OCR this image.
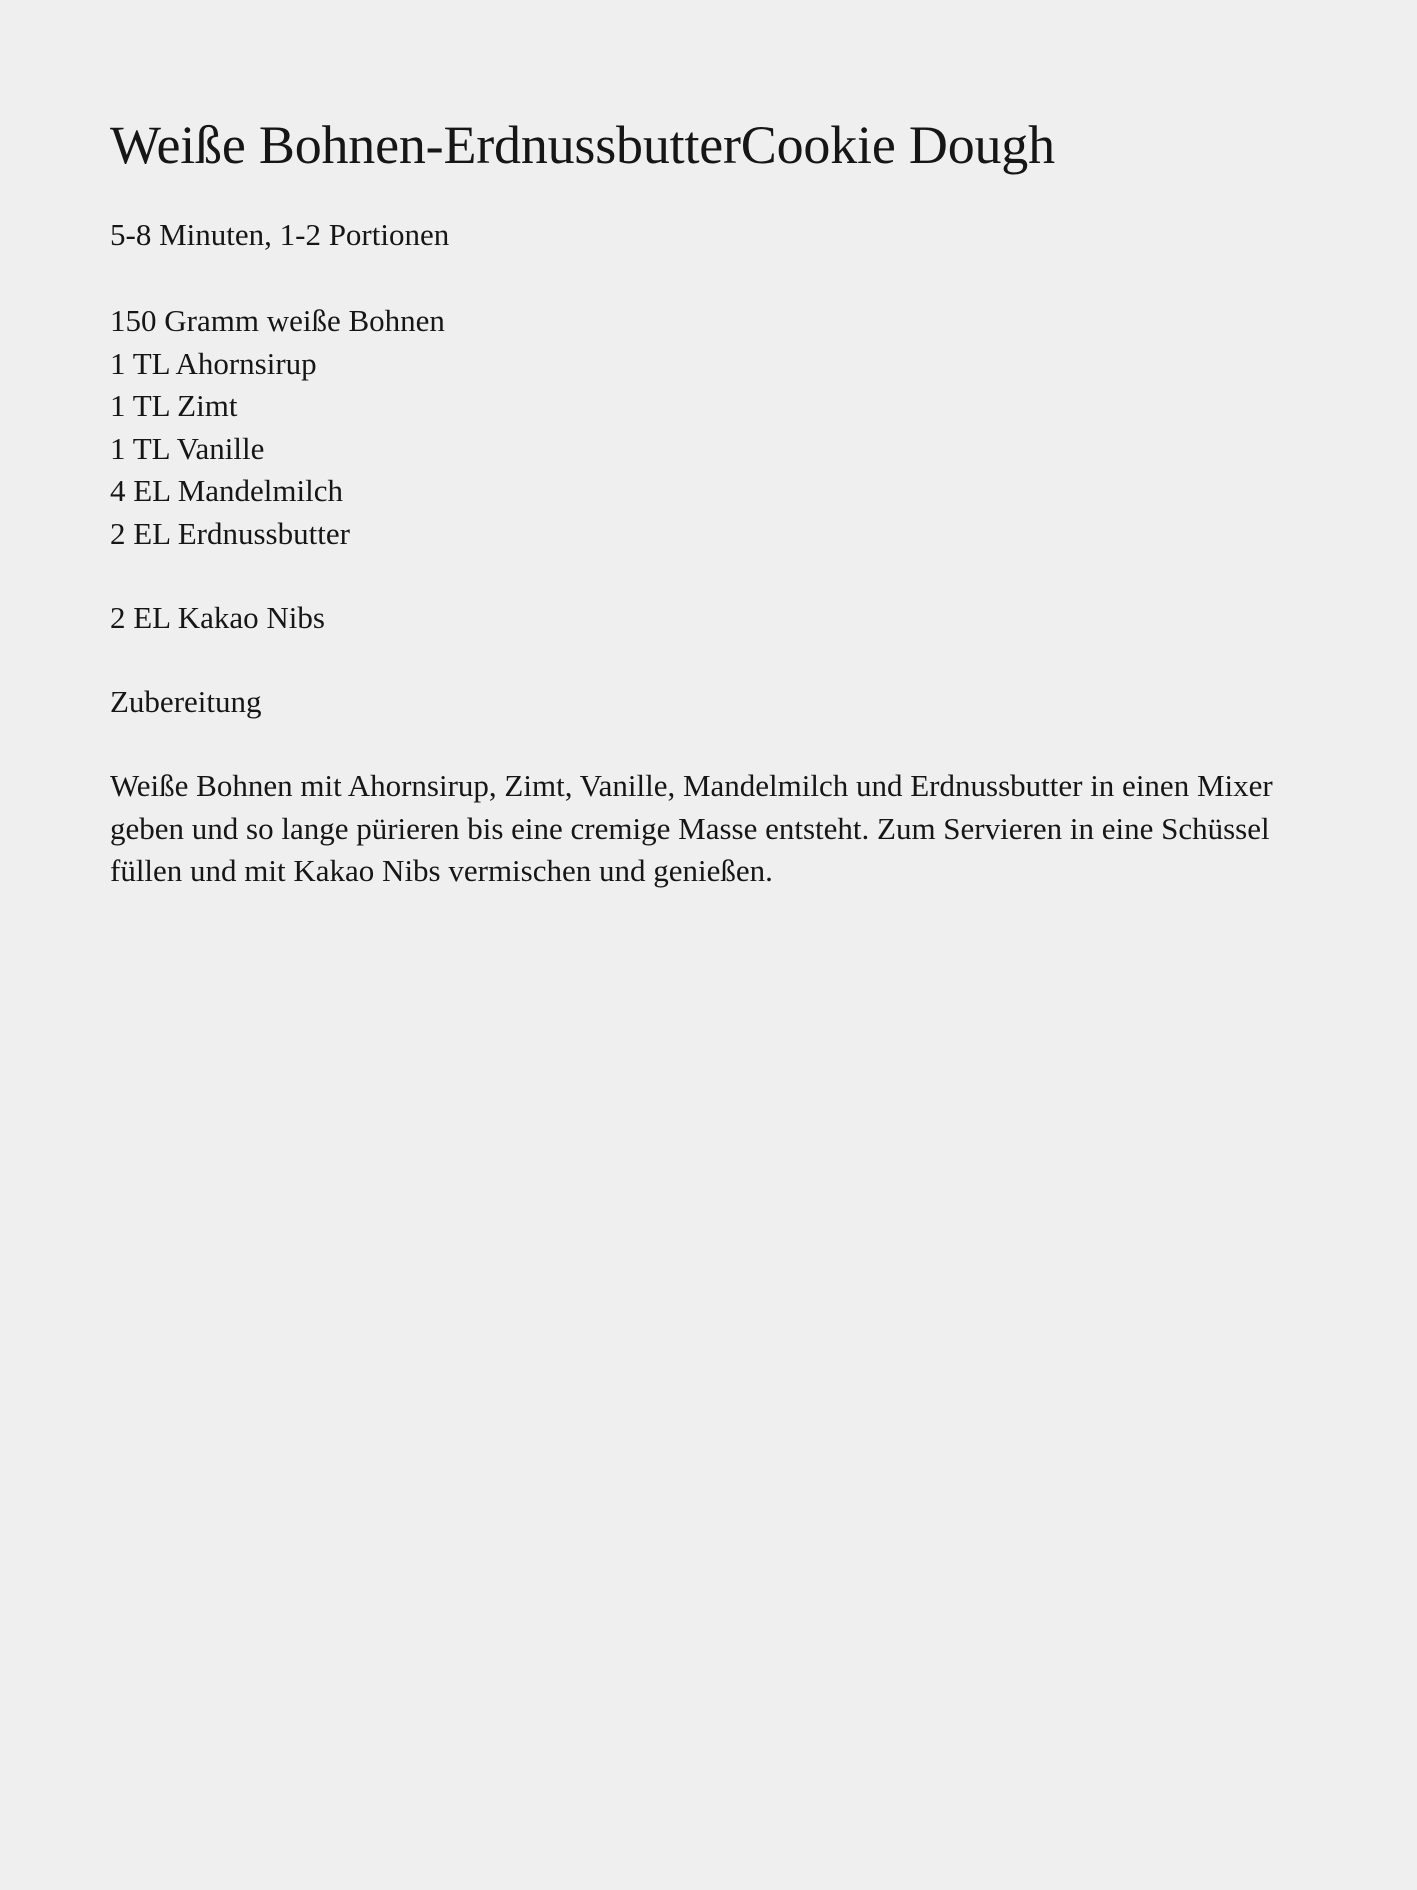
Weiße Bohnen-ErdnussbutterCookie Dough

5-8 Minuten, 1-2 Portionen

150 Gramm weiße Bohnen
1 TL Ahornsirup
1 TL Zimt
1 TL Vanille
4 EL Mandelmilch
2 EL Erdnussbutter
2 EL Kakao Nibs
Zubereitung

Weiße Bohnen mit Ahornsirup, Zimt, Vanille, Mandelmilch und Erdnussbutter in einen Mixer geben und so lange pürieren bis eine cremige Masse entsteht. Zum Servieren in eine Schüssel füllen und mit Kakao Nibs vermischen und genießen.
